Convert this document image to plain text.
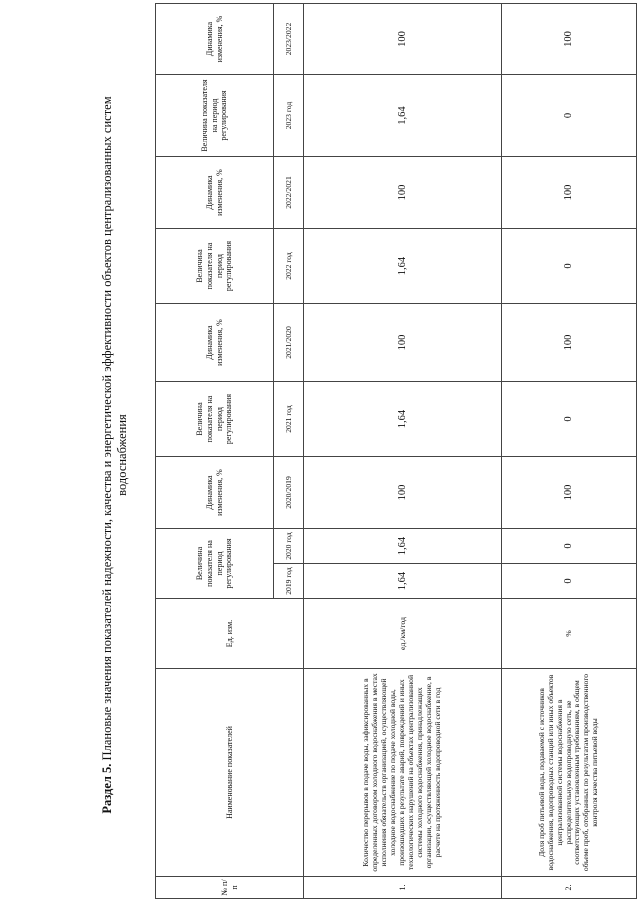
Раздел 5. Плановые значения показателей надежности, качества и энергетической эффективности объектов централизованных систем водоснабжения
№ п/п	Наименование показателей	Ед. изм.	Величина показателя на период регулирования		Динамика изменения, %	Величина показателя на период регулирования	Динамика изменения, %	Величина показателя на период регулирования	Динамика изменения, %	Величина показателя на период регулирования	Динамика изменения, %
			2019 год	2020 год	2020/2019	2021 год	2021/2020	2022 год	2022/2021	2023 год	2023/2022
1.	Количество перерывов в подаче воды, зафиксированных в определенных договором холодного водоснабжения в местах исполнения обязательств организацией, осуществляющей холодное водоснабжение по подаче холодной воды, произошедших в результате аварий, повреждений и иных технологических нарушений на объектах централизованной системы холодного водоснабжения, принадлежащих организации, осуществляющей холодное водоснабжение, в расчете на протяженность водопроводной сети в год	ед./км/год	1,64	1,64	100	1,64	100	1,64	100	1,64	100
2.	Доля проб питьевой воды, подаваемой с источников водоснабжения, водопроводных станций или иных объектов централизованной системы водоснабжения в распределительную водопроводную сеть, не соответствующих установленным требованиям, в общем объеме проб, отобранных по результатам производственного контроля качества питьевой воды	%	0	0	100	0	100	0	100	0	100
